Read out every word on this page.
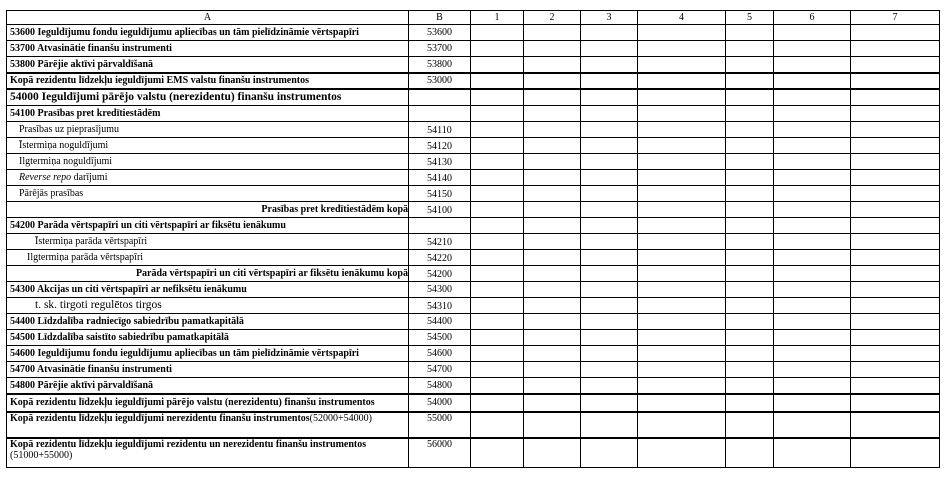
A	B	1	2	3	4	5	6	7
53600 Ieguldījumu fondu ieguldījumu apliecības un tām pielīdzināmie vērtspapīri	53600							
53700 Atvasinātie finanšu instrumenti	53700							
53800 Pārējie aktīvi pārvaldīšanā	53800							
Kopā rezidentu līdzekļu ieguldījumi EMS valstu finanšu instrumentos	53000							
54000 Ieguldījumi pārējo valstu (nerezidentu) finanšu instrumentos								
54100 Prasības pret kredītiestādēm								
Prasības uz pieprasījumu	54110							
Īstermiņa noguldījumi	54120							
Ilgtermiņa noguldījumi	54130							
Reverse repo darījumi	54140							
Pārējās prasības	54150							
Prasības pret kredītiestādēm kopā	54100							
54200 Parāda vērtspapīri un citi vērtspapīri ar fiksētu ienākumu								
Īstermiņa parāda vērtspapīri	54210							
Ilgtermiņa parāda vērtspapīri	54220							
Parāda vērtspapīri un citi vērtspapīri ar fiksētu ienākumu kopā	54200							
54300 Akcijas un citi vērtspapīri ar nefiksētu ienākumu	54300							
t. sk. tirgoti regulētos tirgos	54310							
54400 Līdzdalība radniecīgo sabiedrību pamatkapitālā	54400							
54500 Līdzdalība saistīto sabiedrību pamatkapitālā	54500							
54600 Ieguldījumu fondu ieguldījumu apliecības un tām pielīdzināmie vērtspapīri	54600							
54700 Atvasinātie finanšu instrumenti	54700							
54800 Pārējie aktīvi pārvaldīšanā	54800							
Kopā rezidentu līdzekļu ieguldījumi pārējo valstu (nerezidentu) finanšu instrumentos	54000							
Kopā rezidentu līdzekļu ieguldījumi nerezidentu finanšu instrumentos(52000+54000)	55000							
Kopā rezidentu līdzekļu ieguldījumi rezidentu un nerezidentu finanšu instrumentos
(51000+55000)	56000							
